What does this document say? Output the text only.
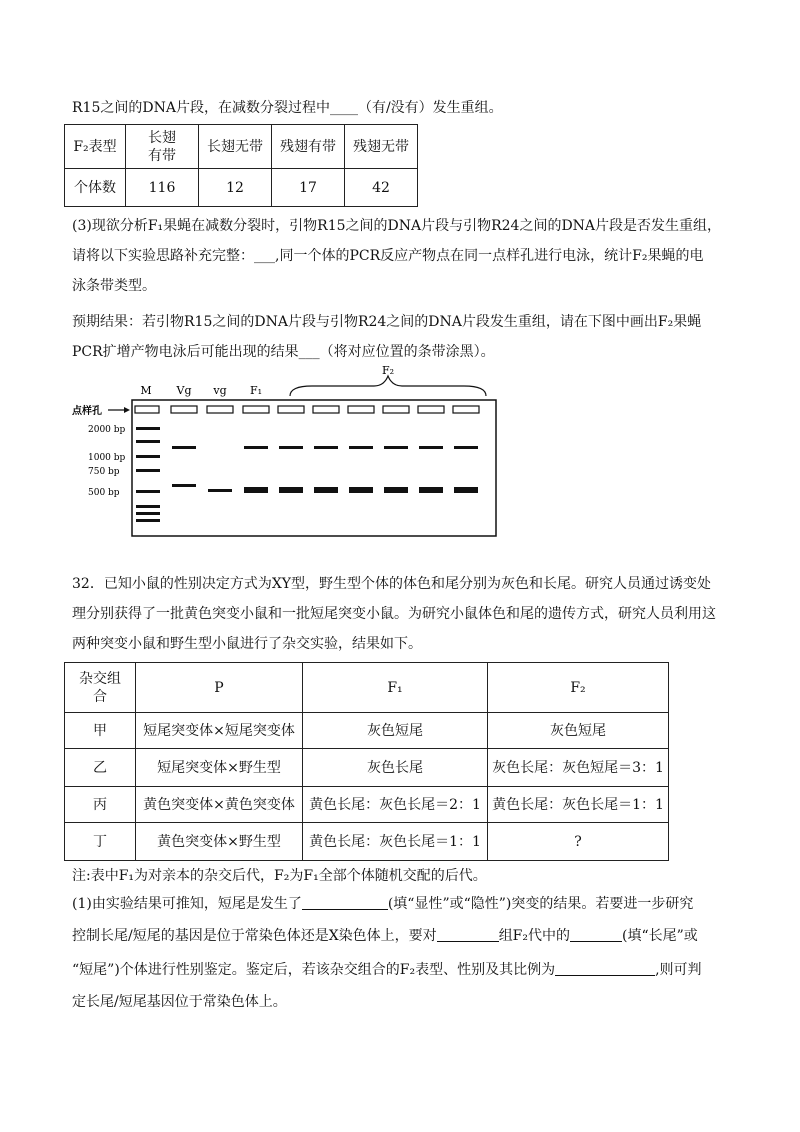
R15之间的DNA片段，在减数分裂过程中____（有/没有）发生重组。
F₂表型	长翅有带	长翅无带	残翅有带	残翅无带
个体数	116	12	17	42
(3)现欲分析F₁果蝇在减数分裂时，引物R15之间的DNA片段与引物R24之间的DNA片段是否发生重组，
请将以下实验思路补充完整：___,同一个体的PCR反应产物点在同一点样孔进行电泳，统计F₂果蝇的电
泳条带类型。
预期结果：若引物R15之间的DNA片段与引物R24之间的DNA片段发生重组，请在下图中画出F₂果蝇
PCR扩增产物电泳后可能出现的结果___（将对应位置的条带涂黑）。
M Vg vg F₁
F₂
点样孔
2000 bp
1000 bp
750 bp
500 bp
32．已知小鼠的性别决定方式为XY型，野生型个体的体色和尾分别为灰色和长尾。研究人员通过诱变处
理分别获得了一批黄色突变小鼠和一批短尾突变小鼠。为研究小鼠体色和尾的遗传方式，研究人员利用这
两种突变小鼠和野生型小鼠进行了杂交实验，结果如下。
杂交组合	P	F₁	F₂
甲	短尾突变体×短尾突变体	灰色短尾	灰色短尾
乙	短尾突变体×野生型	灰色长尾	灰色长尾：灰色短尾＝3：1
丙	黄色突变体×黄色突变体	黄色长尾：灰色长尾＝2：1	黄色长尾：灰色长尾＝1：1
丁	黄色突变体×野生型	黄色长尾：灰色长尾＝1：1	?
注:表中F₁为对亲本的杂交后代，F₂为F₁全部个体随机交配的后代。
(1)由实验结果可推知，短尾是发生了	(填“显性”或“隐性”)突变的结果。若要进一步研究
控制长尾/短尾的基因是位于常染色体还是X染色体上，要对	组F₂代中的	(填“长尾”或
“短尾”)个体进行性别鉴定。鉴定后，若该杂交组合的F₂表型、性别及其比例为	,则可判
定长尾/短尾基因位于常染色体上。
